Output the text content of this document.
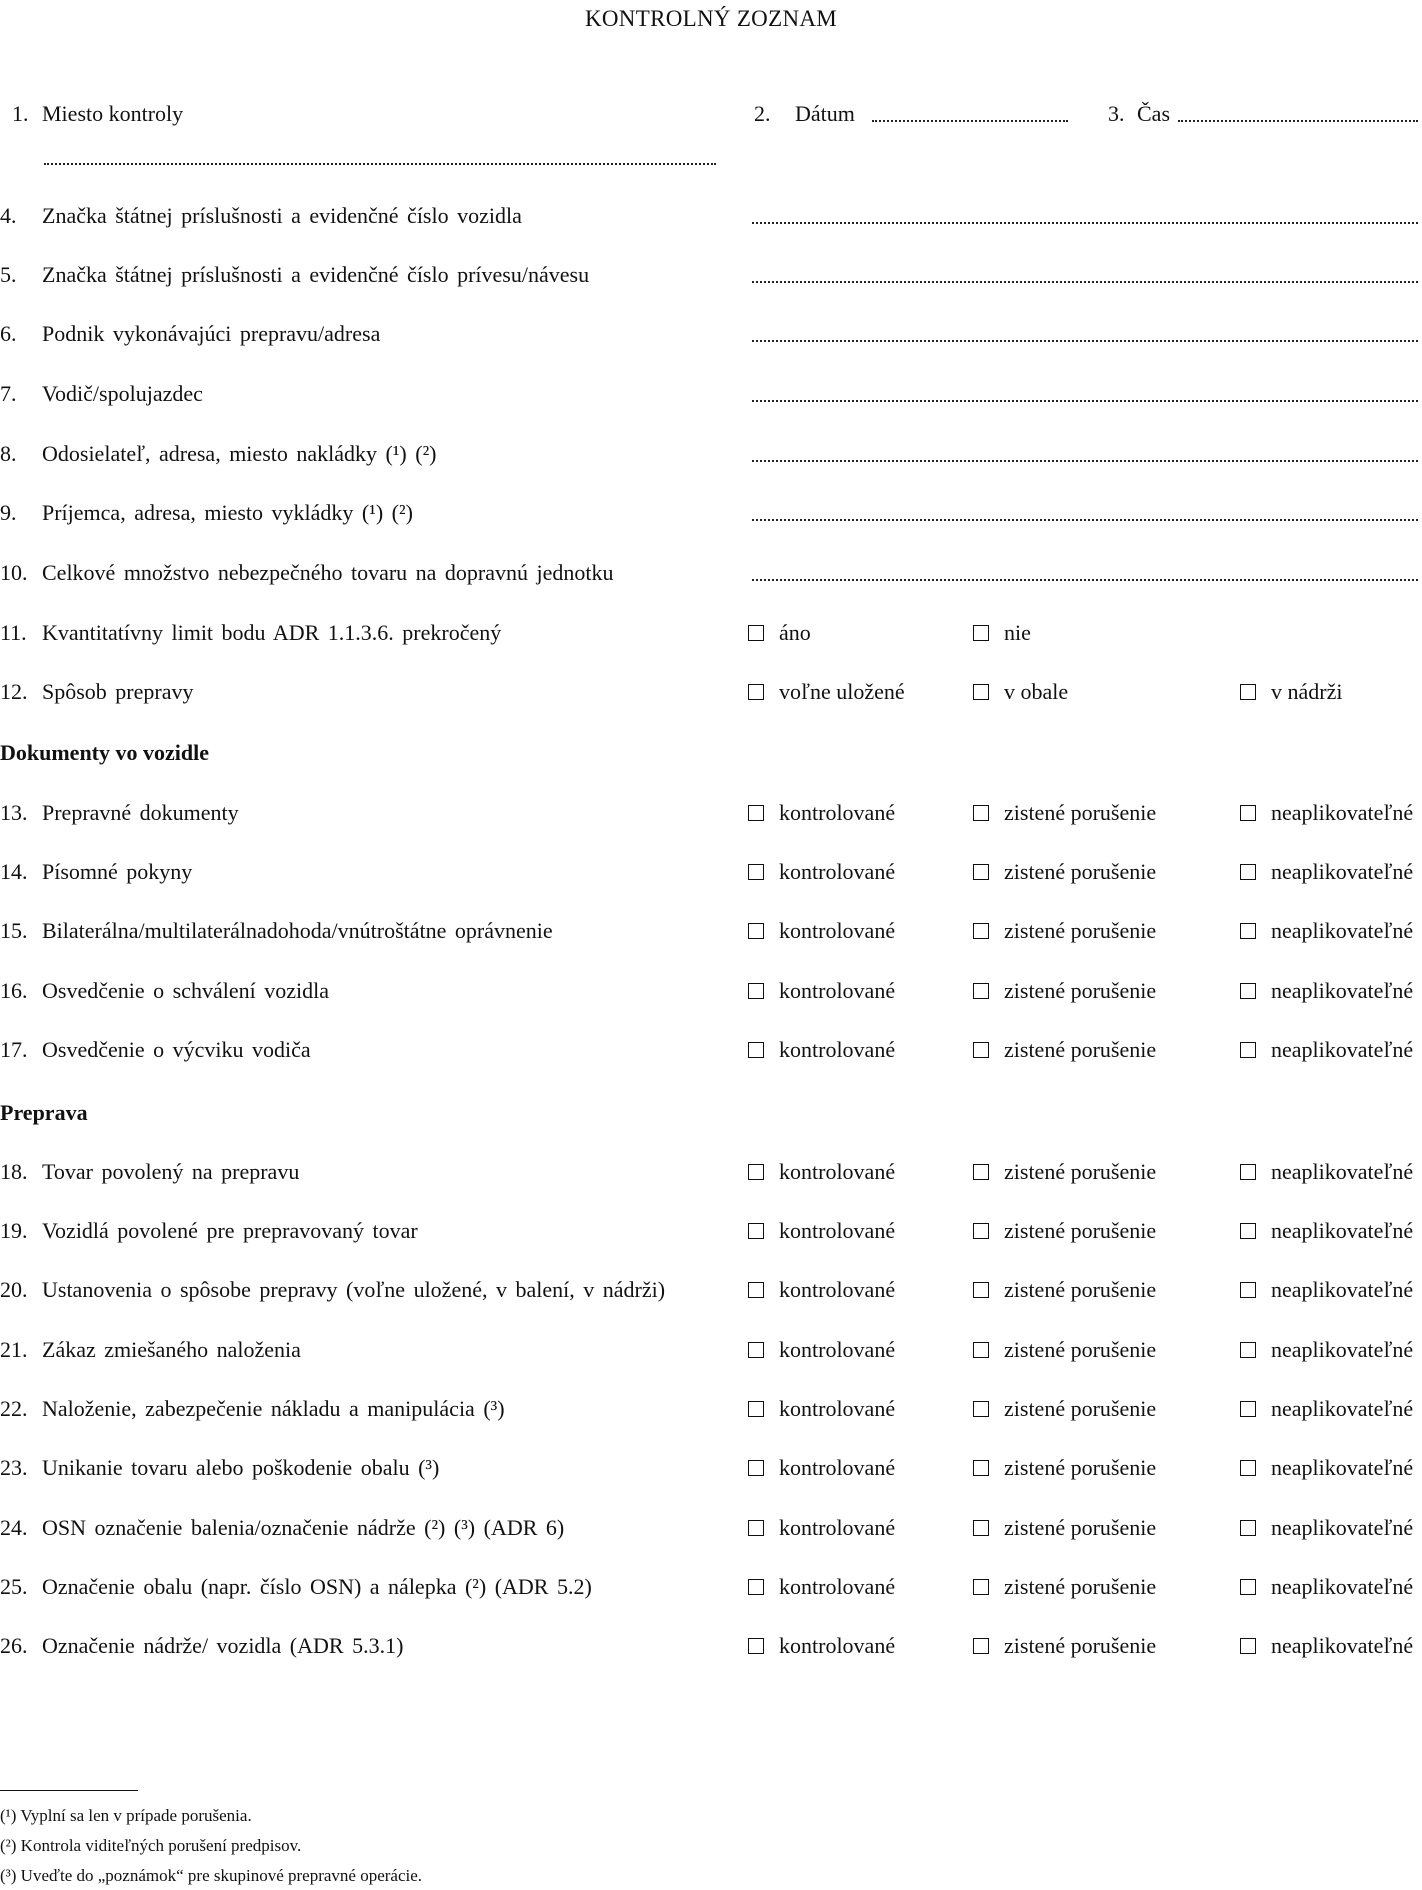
KONTROLNÝ ZOZNAM
1. Miesto kontroly	2. Dátum	3. Čas
4. Značka štátnej príslušnosti a evidenčné číslo vozidla
5. Značka štátnej príslušnosti a evidenčné číslo prívesu/návesu
6. Podnik vykonávajúci prepravu/adresa
7. Vodič/spolujazdec
8. Odosielateľ, adresa, miesto nakládky (¹) (²)
9. Príjemca, adresa, miesto vykládky (¹) (²)
10. Celkové množstvo nebezpečného tovaru na dopravnú jednotku
11. Kvantitatívny limit bodu ADR 1.1.3.6. prekročený	áno	nie
12. Spôsob prepravy	voľne uložené	v obale	v nádrži
Dokumenty vo vozidle
13. Prepravné dokumenty	kontrolované	zistené porušenie	neaplikovateľné
14. Písomné pokyny	kontrolované	zistené porušenie	neaplikovateľné
15. Bilaterálna/multilaterálnadohoda/vnútroštátne oprávnenie	kontrolované	zistené porušenie	neaplikovateľné
16. Osvedčenie o schválení vozidla	kontrolované	zistené porušenie	neaplikovateľné
17. Osvedčenie o výcviku vodiča	kontrolované	zistené porušenie	neaplikovateľné
Preprava
18. Tovar povolený na prepravu	kontrolované	zistené porušenie	neaplikovateľné
19. Vozidlá povolené pre prepravovaný tovar	kontrolované	zistené porušenie	neaplikovateľné
20. Ustanovenia o spôsobe prepravy (voľne uložené, v balení, v nádrži)	kontrolované	zistené porušenie	neaplikovateľné
21. Zákaz zmiešaného naloženia	kontrolované	zistené porušenie	neaplikovateľné
22. Naloženie, zabezpečenie nákladu a manipulácia (³)	kontrolované	zistené porušenie	neaplikovateľné
23. Unikanie tovaru alebo poškodenie obalu (³)	kontrolované	zistené porušenie	neaplikovateľné
24. OSN označenie balenia/označenie nádrže (²) (³) (ADR 6)	kontrolované	zistené porušenie	neaplikovateľné
25. Označenie obalu (napr. číslo OSN) a nálepka (²) (ADR 5.2)	kontrolované	zistené porušenie	neaplikovateľné
26. Označenie nádrže/ vozidla (ADR 5.3.1)	kontrolované	zistené porušenie	neaplikovateľné
(¹) Vyplní sa len v prípade porušenia.
(²) Kontrola viditeľných porušení predpisov.
(³) Uveďte do „poznámok“ pre skupinové prepravné operácie.
